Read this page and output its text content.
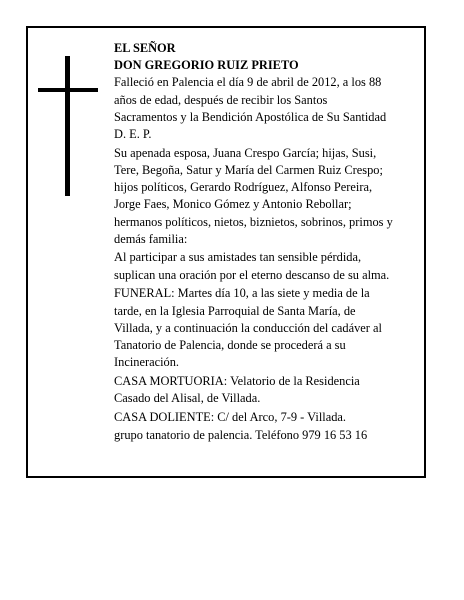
EL SEÑOR

DON GREGORIO RUIZ PRIETO

Falleció en Palencia el día 9 de abril de 2012, a los 88
años de edad, después de recibir los Santos
Sacramentos y la Bendición Apostólica de Su Santidad
D. E. P.

Su apenada esposa, Juana Crespo García; hijas, Susi,
Tere, Begoña, Satur y María del Carmen Ruiz Crespo;
hijos políticos, Gerardo Rodríguez, Alfonso Pereira,
Jorge Faes, Monico Gómez y Antonio Rebollar;
hermanos políticos, nietos, biznietos, sobrinos, primos y
demás familia:

Al participar a sus amistades tan sensible pérdida,
suplican una oración por el eterno descanso de su alma.

FUNERAL: Martes día 10, a las siete y media de la
tarde, en la Iglesia Parroquial de Santa María, de
Villada, y a continuación la conducción del cadáver al
Tanatorio de Palencia, donde se procederá a su
Incineración.

CASA MORTUORIA: Velatorio de la Residencia
Casado del Alisal, de Villada.

CASA DOLIENTE: C/ del Arco, 7-9 - Villada.

grupo tanatorio de palencia. Teléfono 979 16 53 16
